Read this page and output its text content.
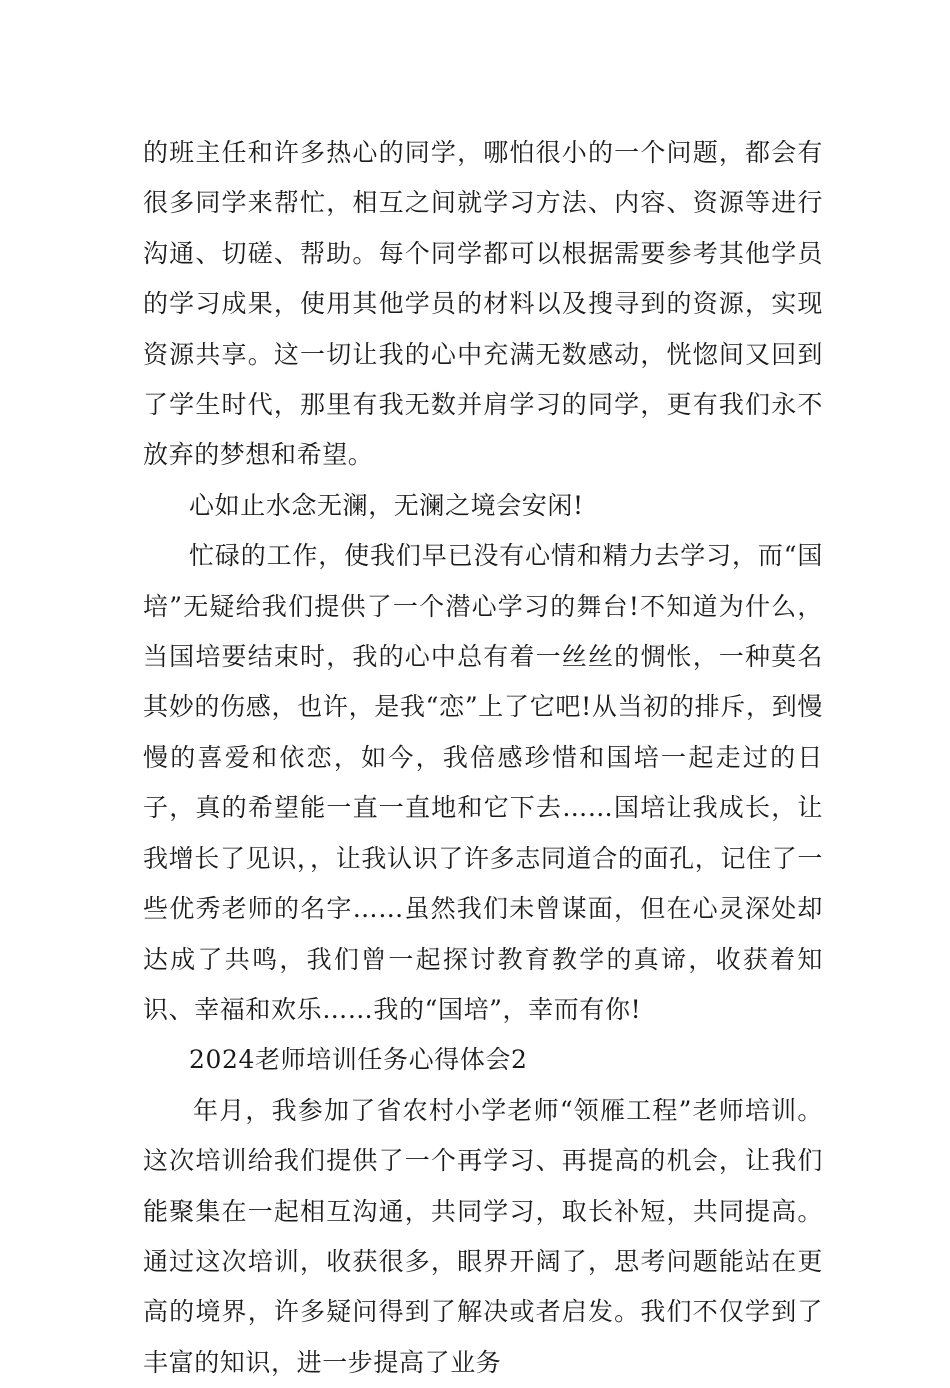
的班主任和许多热心的同学，哪怕很小的一个问题，都会有很多同学来帮忙，相互之间就学习方法、内容、资源等进行沟通、切磋、帮助。每个同学都可以根据需要参考其他学员的学习成果，使用其他学员的材料以及搜寻到的资源，实现资源共享。这一切让我的心中充满无数感动，恍惚间又回到了学生时代，那里有我无数并肩学习的同学，更有我们永不放弃的梦想和希望。

心如止水念无澜，无澜之境会安闲!

忙碌的工作，使我们早已没有心情和精力去学习，而“国培”无疑给我们提供了一个潜心学习的舞台!不知道为什么，当国培要结束时，我的心中总有着一丝丝的惆怅，一种莫名其妙的伤感，也许，是我“恋”上了它吧!从当初的排斥，到慢慢的喜爱和依恋，如今，我倍感珍惜和国培一起走过的日子，真的希望能一直一直地和它下去……国培让我成长，让我增长了见识，，让我认识了许多志同道合的面孔，记住了一些优秀老师的名字……虽然我们未曾谋面，但在心灵深处却达成了共鸣，我们曾一起探讨教育教学的真谛，收获着知识、幸福和欢乐……我的“国培”，幸而有你!

2024老师培训任务心得体会2

年月，我参加了省农村小学老师“领雁工程”老师培训。这次培训给我们提供了一个再学习、再提高的机会，让我们能聚集在一起相互沟通，共同学习，取长补短，共同提高。通过这次培训，收获很多，眼界开阔了，思考问题能站在更高的境界，许多疑问得到了解决或者启发。我们不仅学到了丰富的知识，进一步提高了业务
